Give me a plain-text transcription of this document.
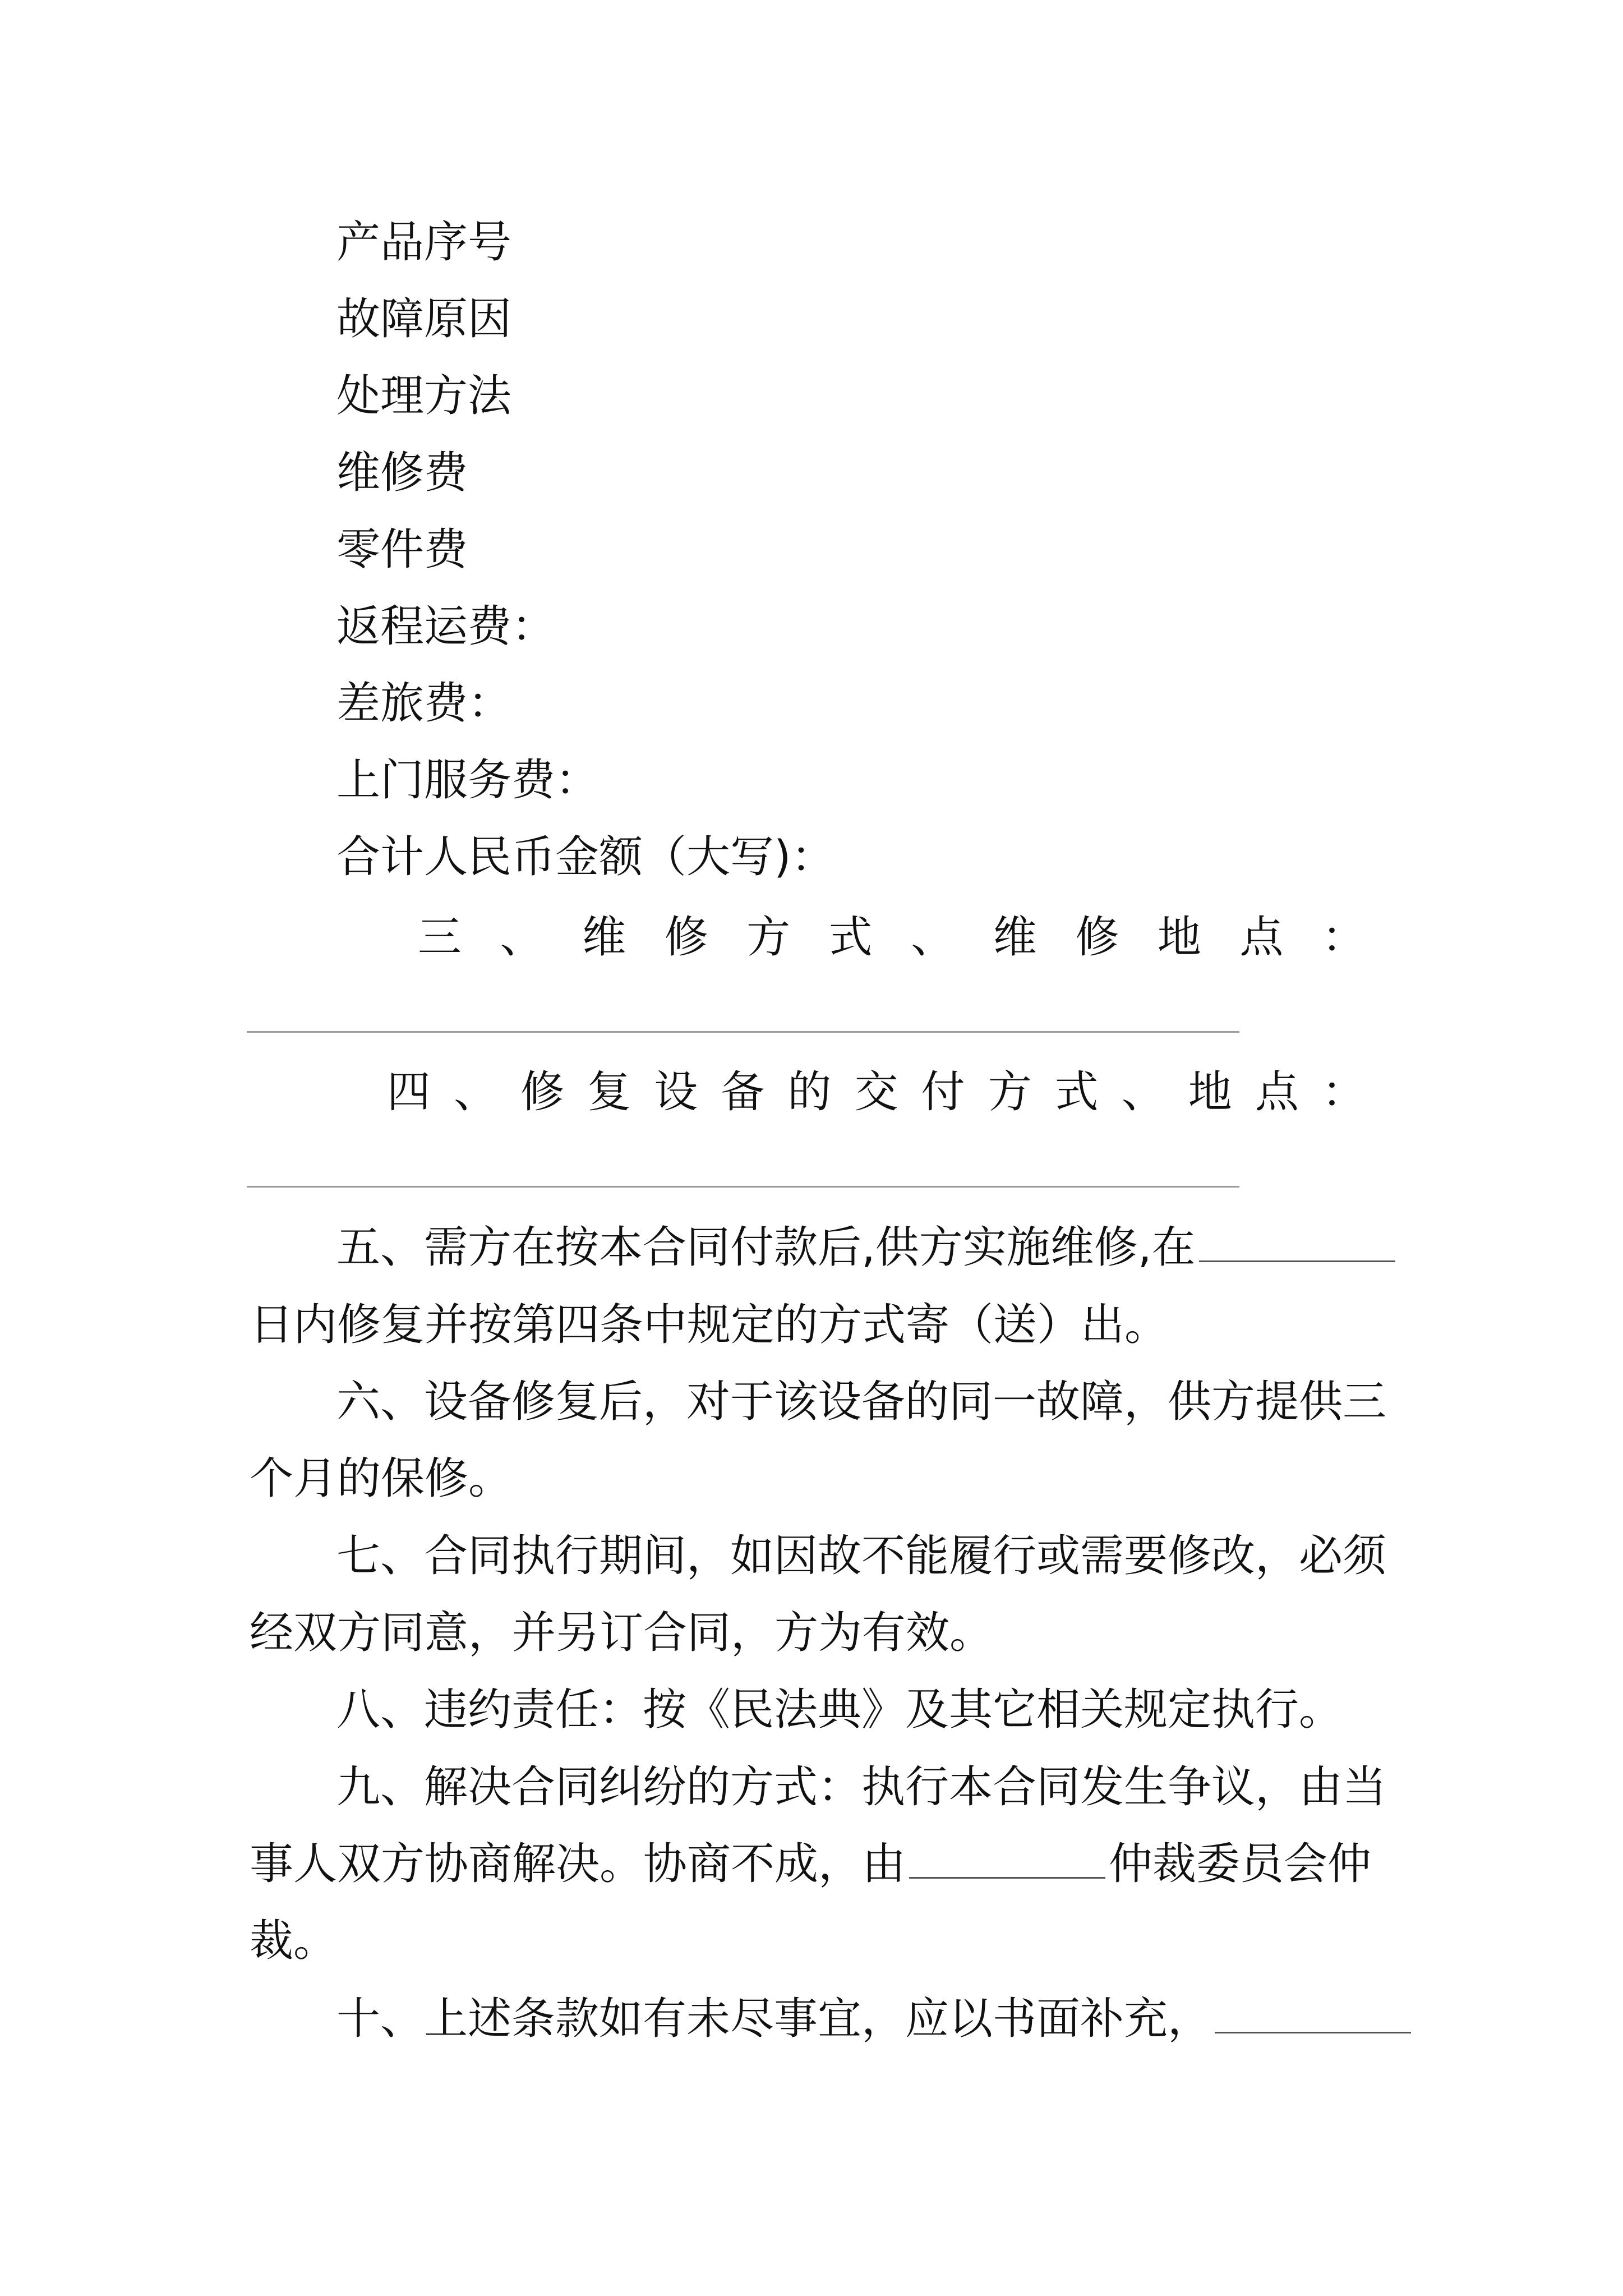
产品序号

故障原因

处理方法

维修费

零件费

返程运费：

差旅费：

上门服务费：

合计人民币金额（大写)：

三 、 维 修 方 式 、 维 修 地 点 ：
四 、 修 复 设 备 的 交 付 方 式 、 地 点 ：

五、需方在按本合同付款后,供方实施维修,在

日内修复并按第四条中规定的方式寄（送）出。

六、设备修复后，对于该设备的同一故障，供方提供三

个月的保修。

七、合同执行期间，如因故不能履行或需要修改，必须

经双方同意，并另订合同，方为有效。

八、违约责任：按《民法典》及其它相关规定执行。

九、解决合同纠纷的方式：执行本合同发生争议，由当

事人双方协商解决。协商不成，由	仲裁委员会仲

裁。

十、上述条款如有未尽事宜，应以书面补充，
